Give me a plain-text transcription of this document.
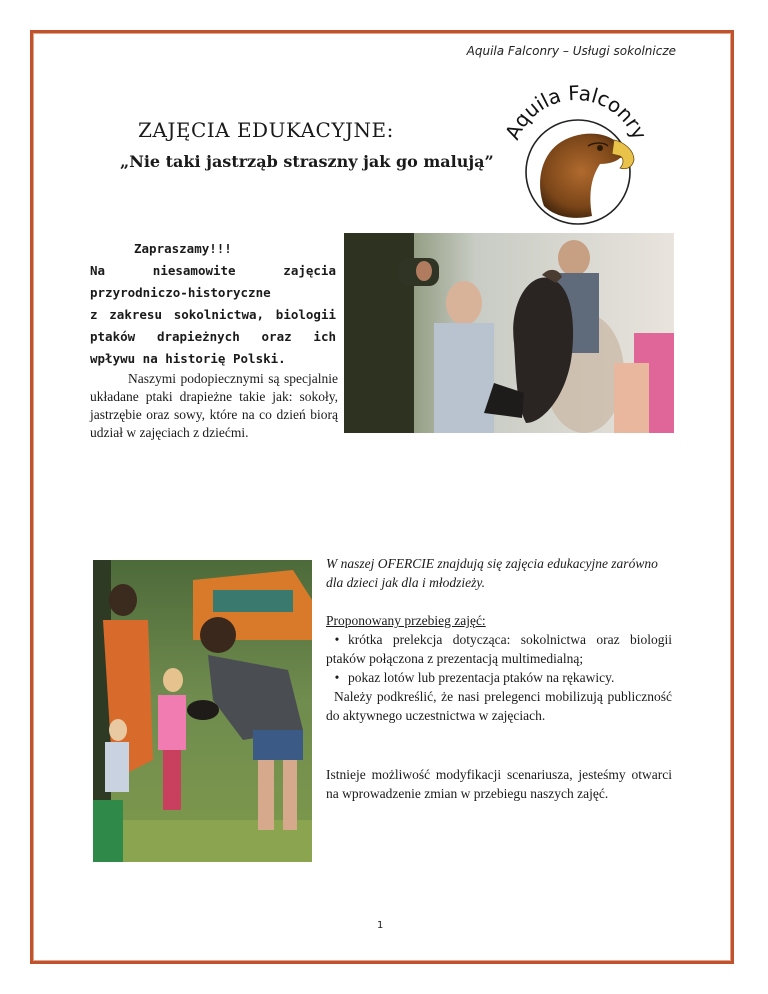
Aquila Falconry – Usługi sokolnicze
Aquila Falconry
ZAJĘCIA EDUKACYJNE:
„Nie taki jastrząb straszny jak go malują”
Zapraszamy!!!
Na niesamowite zajęcia
przyrodniczo-historyczne
z zakresu sokolnictwa, biologii
ptaków drapieżnych oraz ich
wpływu na historię Polski.

Naszymi podopiecznymi są specjalnie układane ptaki drapieżne takie jak: sokoły, jastrzębie oraz sowy, które na co dzień biorą udział w zajęciach z dziećmi.

W naszej OFERCIE znajdują się zajęcia edukacyjne zarówno dla dzieci jak dla i młodzieży.

Proponowany przebieg zajęć:

• krótka prelekcja dotycząca: sokolnictwa oraz biologii ptaków połączona z prezentacją multimedialną;

• pokaz lotów lub prezentacja ptaków na rękawicy.

Należy podkreślić, że nasi prelegenci mobilizują publiczność do aktywnego uczestnictwa w zajęciach.

Istnieje możliwość modyfikacji scenariusza, jesteśmy otwarci na wprowadzenie zmian w przebiegu naszych zajęć.

1
